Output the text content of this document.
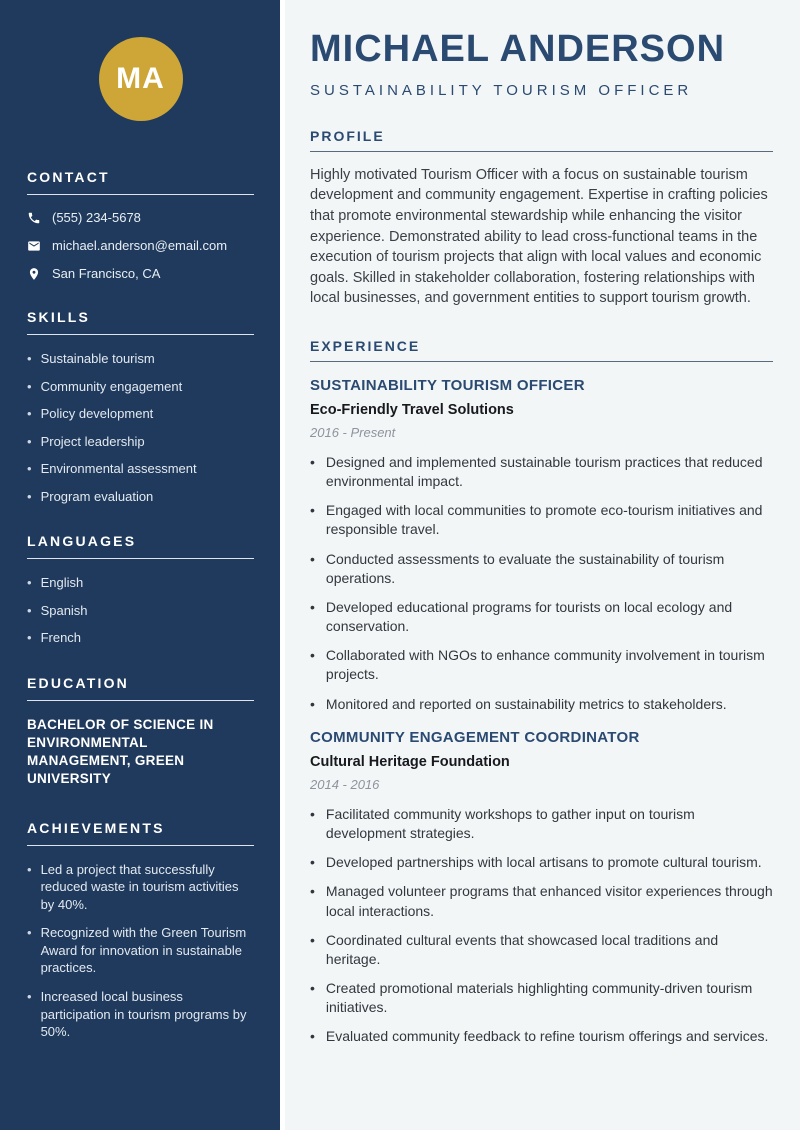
MA
CONTACT
(555) 234-5678
michael.anderson@email.com
San Francisco, CA
SKILLS
• Sustainable tourism
• Community engagement
• Policy development
• Project leadership
• Environmental assessment
• Program evaluation
LANGUAGES
• English
• Spanish
• French
EDUCATION
BACHELOR OF SCIENCE IN ENVIRONMENTAL MANAGEMENT, GREEN UNIVERSITY
ACHIEVEMENTS
• Led a project that successfully reduced waste in tourism activities by 40%.
• Recognized with the Green Tourism Award for innovation in sustainable practices.
• Increased local business participation in tourism programs by 50%.
MICHAEL ANDERSON
SUSTAINABILITY TOURISM OFFICER
PROFILE

Highly motivated Tourism Officer with a focus on sustainable tourism development and community engagement. Expertise in crafting policies that promote environmental stewardship while enhancing the visitor experience. Demonstrated ability to lead cross-functional teams in the execution of tourism projects that align with local values and economic goals. Skilled in stakeholder collaboration, fostering relationships with local businesses, and government entities to support tourism growth.

EXPERIENCE
SUSTAINABILITY TOURISM OFFICER
Eco-Friendly Travel Solutions
2016 - Present
• Designed and implemented sustainable tourism practices that reduced environmental impact.
• Engaged with local communities to promote eco-tourism initiatives and responsible travel.
• Conducted assessments to evaluate the sustainability of tourism operations.
• Developed educational programs for tourists on local ecology and conservation.
• Collaborated with NGOs to enhance community involvement in tourism projects.
• Monitored and reported on sustainability metrics to stakeholders.
COMMUNITY ENGAGEMENT COORDINATOR
Cultural Heritage Foundation
2014 - 2016
• Facilitated community workshops to gather input on tourism development strategies.
• Developed partnerships with local artisans to promote cultural tourism.
• Managed volunteer programs that enhanced visitor experiences through local interactions.
• Coordinated cultural events that showcased local traditions and heritage.
• Created promotional materials highlighting community-driven tourism initiatives.
• Evaluated community feedback to refine tourism offerings and services.
